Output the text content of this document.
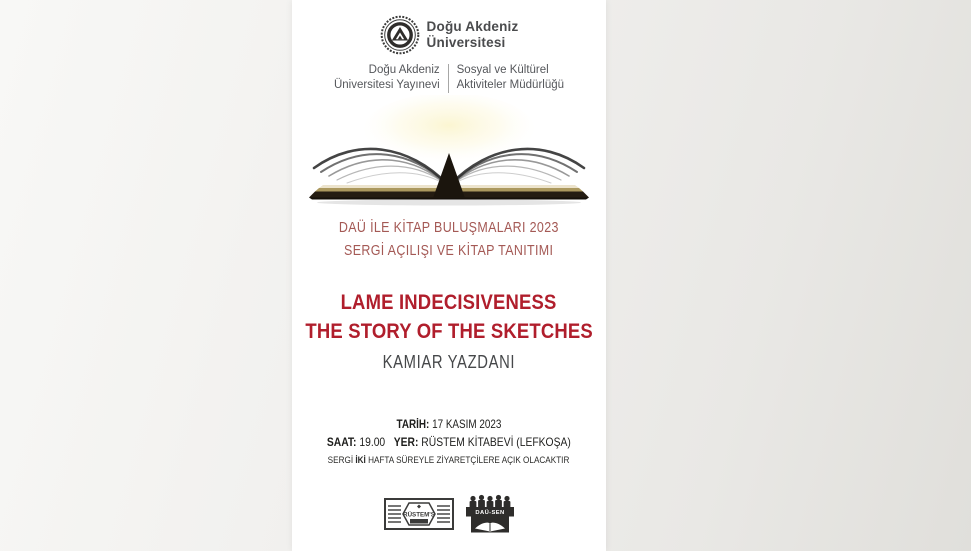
Doğu Akdeniz
Üniversitesi
Doğu Akdeniz
Üniversitesi Yayınevi
Sosyal ve Kültürel
Aktiviteler Müdürlüğü
DAÜ İLE KİTAP BULUŞMALARI 2023
SERGİ AÇILIŞI VE KİTAP TANITIMI
LAME INDECISIVENESS
THE STORY OF THE SKETCHES
KAMIAR YAZDANI
TARİH: 17 KASIM 2023
SAAT: 19.00 YER: RÜSTEM KİTABEVİ (LEFKOŞA)
SERGİ İKİ HAFTA SÜREYLE ZİYARETÇİLERE AÇIK OLACAKTIR
RÜSTEM'S	DAÜ-SEN
